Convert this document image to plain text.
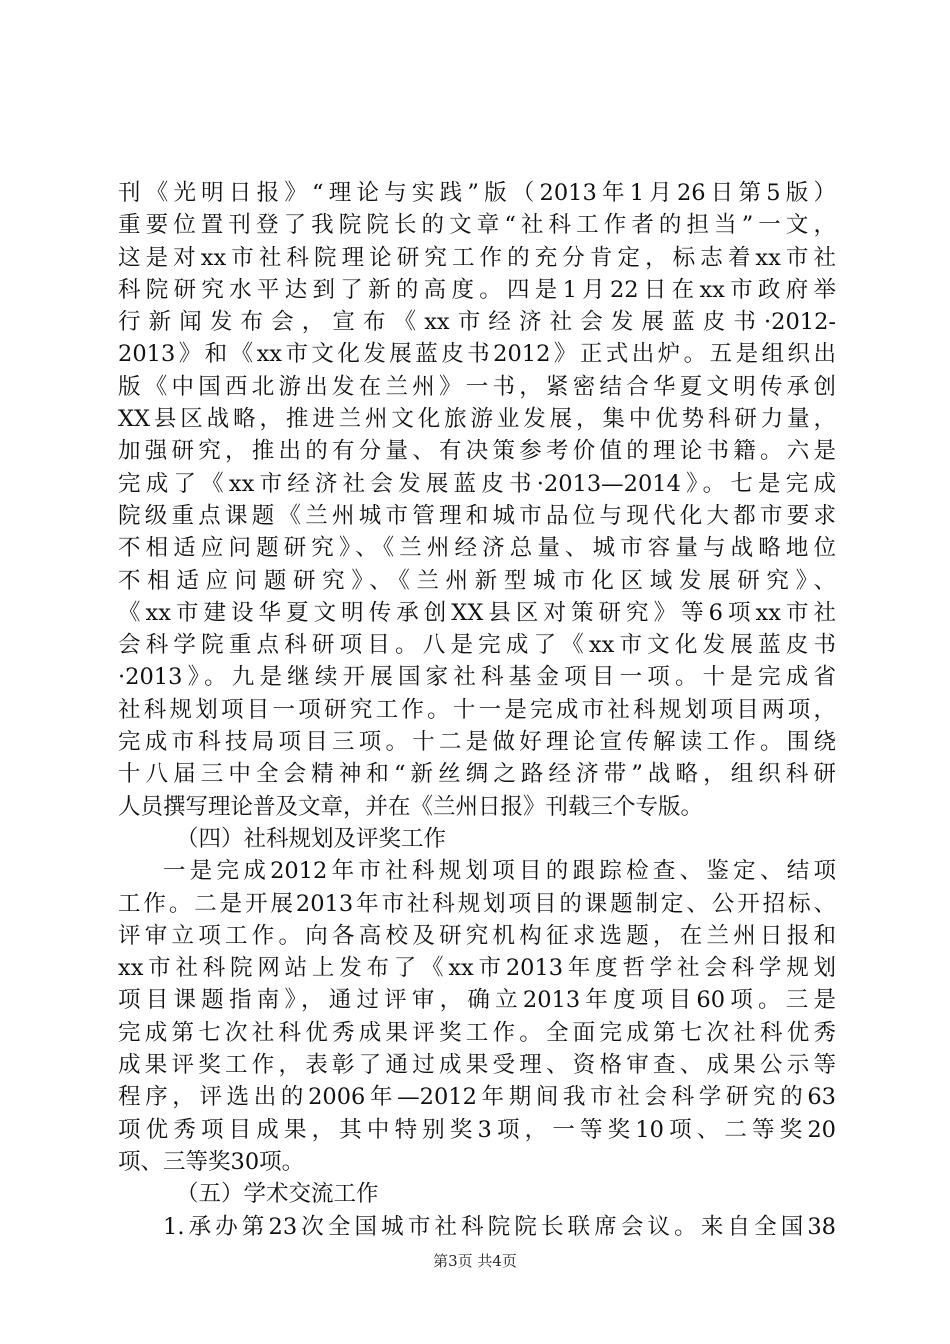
刊《光明日报》“理论与实践”版（2013年1月26日第5版）
重要位置刊登了我院院长的文章“社科工作者的担当”一文，
这是对xx市社科院理论研究工作的充分肯定，标志着xx市社
科院研究水平达到了新的高度。四是1月22日在xx市政府举
行新闻发布会，宣布《xx市经济社会发展蓝皮书·2012-
2013》和《xx市文化发展蓝皮书2012》正式出炉。五是组织出
版《中国西北游出发在兰州》一书，紧密结合华夏文明传承创
XX县区战略，推进兰州文化旅游业发展，集中优势科研力量，
加强研究，推出的有分量、有决策参考价值的理论书籍。六是
完成了《xx市经济社会发展蓝皮书·2013—2014》。七是完成
院级重点课题《兰州城市管理和城市品位与现代化大都市要求
不相适应问题研究》、《兰州经济总量、城市容量与战略地位
不相适应问题研究》、《兰州新型城市化区域发展研究》、
《xx市建设华夏文明传承创XX县区对策研究》等6项xx市社
会科学院重点科研项目。八是完成了《xx市文化发展蓝皮书
·2013》。九是继续开展国家社科基金项目一项。十是完成省
社科规划项目一项研究工作。十一是完成市社科规划项目两项，
完成市科技局项目三项。十二是做好理论宣传解读工作。围绕
十八届三中全会精神和“新丝绸之路经济带”战略，组织科研
人员撰写理论普及文章，并在《兰州日报》刊载三个专版。
（四）社科规划及评奖工作
一是完成2012年市社科规划项目的跟踪检查、鉴定、结项
工作。二是开展2013年市社科规划项目的课题制定、公开招标、
评审立项工作。向各高校及研究机构征求选题，在兰州日报和
xx市社科院网站上发布了《xx市2013年度哲学社会科学规划
项目课题指南》，通过评审，确立2013年度项目60项。三是
完成第七次社科优秀成果评奖工作。全面完成第七次社科优秀
成果评奖工作，表彰了通过成果受理、资格审查、成果公示等
程序，评选出的2006年—2012年期间我市社会科学研究的63
项优秀项目成果，其中特别奖3项，一等奖10项、二等奖20
项、三等奖30项。
（五）学术交流工作
1.承办第23次全国城市社科院院长联席会议。来自全国38
第3页 共4页
